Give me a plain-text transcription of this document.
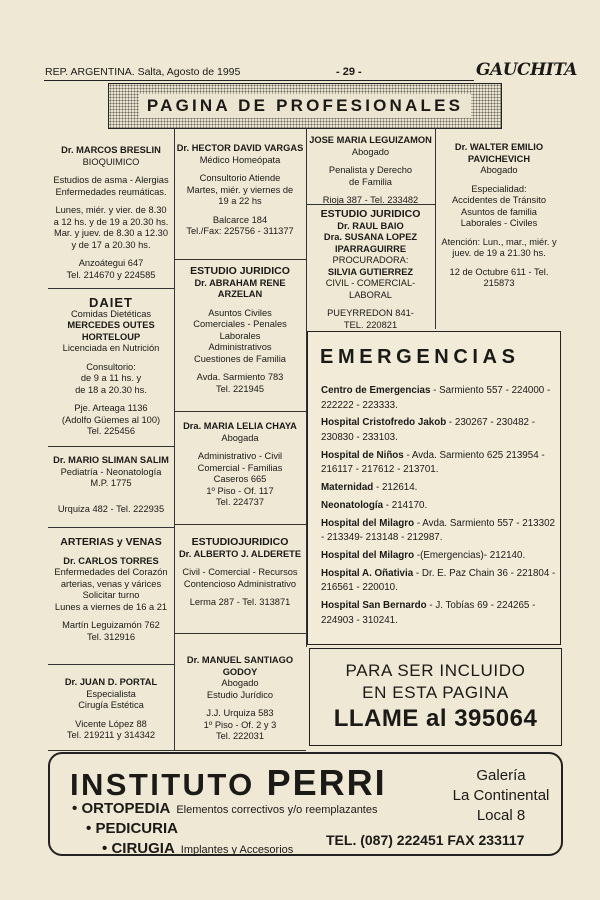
REP. ARGENTINA. Salta, Agosto de 1995	- 29 -	GAUCHITA
PAGINA DE PROFESIONALES
Dr. MARCOS BRESLIN
BIOQUIMICO
Estudios de asma - Alergias
Enfermedades reumáticas.
Lunes, miér. y vier. de 8.30
a 12 hs. y de 19 a 20.30 hs.
Mar. y juev. de 8.30 a 12.30
y de 17 a 20.30 hs.
Anzoátegui 647
Tel. 214670 y 224585
DAIET
Comidas Dietéticas
MERCEDES OUTES
HORTELOUP
Licenciada en Nutrición
Consultorio:
de 9 a 11 hs. y
de 18 a 20.30 hs.
Pje. Arteaga 1136
(Adolfo Güemes al 100)
Tel. 225456
Dr. MARIO SLIMAN SALIM
Pediatría - Neonatología
M.P. 1775
Urquiza 482 - Tel. 222935
ARTERIAS y VENAS
Dr. CARLOS TORRES
Enfermedades del Corazón
arterias, venas y várices
Solicitar turno
Lunes a viernes de 16 a 21
Martín Leguizamón 762
Tel. 312916
Dr. JUAN D. PORTAL
Especialista
Cirugía Estética
Vicente López 88
Tel. 219211 y 314342
Dr. HECTOR DAVID VARGAS
Médico Homeópata
Consultorio Atiende
Martes, miér. y viernes de
19 a 22 hs
Balcarce 184
Tel./Fax: 225756 - 311377
ESTUDIO JURIDICO
Dr. ABRAHAM RENE
ARZELAN
Asuntos Civiles
Comerciales - Penales
Laborales
Administrativos
Cuestiones de Familia
Avda. Sarmiento 783
Tel. 221945
Dra. MARIA LELIA CHAYA
Abogada
Administrativo - Civil
Comercial - Familias
Caseros 665
1º Piso - Of. 117
Tel. 224737
ESTUDIOJURIDICO
Dr. ALBERTO J. ALDERETE
Civil - Comercial - Recursos
Contencioso Administrativo
Lerma 287 - Tel. 313871
Dr. MANUEL SANTIAGO
GODOY
Abogado
Estudio Jurídico
J.J. Urquiza 583
1º Piso - Of. 2 y 3
Tel. 222031
JOSE MARIA LEGUIZAMON
Abogado
Penalista y Derecho
de Familia
Rioja 387 - Tel. 233482
ESTUDIO JURIDICO
Dr. RAUL BAIO
Dra. SUSANA LOPEZ
IPARRAGUIRRE
PROCURADORA:
SILVIA GUTIERREZ
CIVIL - COMERCIAL-LABORAL
PUEYRREDON 841-
TEL. 220821
Dr. WALTER EMILIO
PAVICHEVICH
Abogado
Especialidad:
Accidentes de Tránsito
Asuntos de familia
Laborales - Civiles
Atención: Lun., mar., miér. y
juev. de 19 a 21.30 hs.
12 de Octubre 611 - Tel.
215873
EMERGENCIAS
Centro de Emergencias - Sarmiento 557 - 224000 - 222222 - 223333.
Hospital Cristofredo Jakob - 230267 - 230482 - 230830 - 233103.
Hospital de Niños - Avda. Sarmiento 625 213954 - 216117 - 217612 - 213701.
Maternidad - 212614.
Neonatología - 214170.
Hospital del Milagro - Avda. Sarmiento 557 - 213302 - 213349- 213148 - 212987.
Hospital del Milagro -(Emergencias)- 212140.
Hospital A. Oñativia - Dr. E. Paz Chain 36 - 221804 - 216561 - 220010.
Hospital San Bernardo - J. Tobías 69 - 224265 - 224903 - 310241.
PARA SER INCLUIDO
EN ESTA PAGINA
LLAME al 395064
INSTITUTO PERRI	Galería
La Continental
Local 8
• ORTOPEDIA Elementos correctivos y/o reemplazantes
• PEDICURIA
• CIRUGIA Implantes y Accesorios
TEL. (087) 222451 FAX 233117
